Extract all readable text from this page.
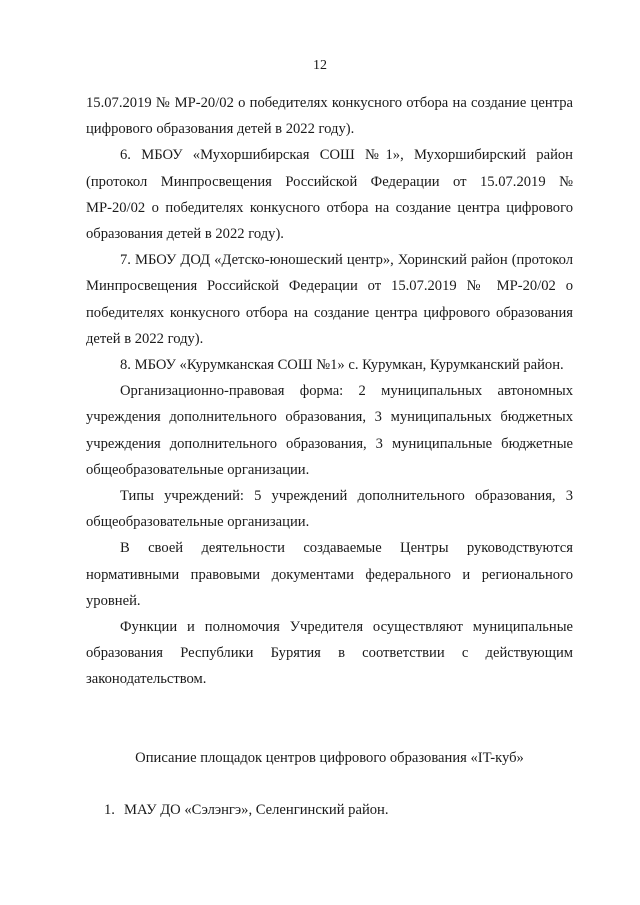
12

15.07.2019 № МР-20/02 о победителях конкусного отбора на создание центра цифрового образования детей в 2022 году).

6. МБОУ «Мухоршибирская СОШ №1», Мухоршибирский район (протокол Минпросвещения Российской Федерации от 15.07.2019 № МР-20/02 о победителях конкусного отбора на создание центра цифрового образования детей в 2022 году).

7. МБОУ ДОД «Детско-юношеский центр», Хоринский район (протокол Минпросвещения Российской Федерации от 15.07.2019 № МР-20/02 о победителях конкусного отбора на создание центра цифрового образования детей в 2022 году).

8. МБОУ «Курумканская СОШ №1» с. Курумкан, Курумканский район.

Организационно-правовая форма: 2 муниципальных автономных учреждения дополнительного образования, 3 муниципальных бюджетных учреждения дополнительного образования, 3 муниципальные бюджетные общеобразовательные организации.

Типы учреждений: 5 учреждений дополнительного образования, 3 общеобразовательные организации.

В своей деятельности создаваемые Центры руководствуются нормативными правовыми документами федерального и регионального уровней.

Функции и полномочия Учредителя осуществляют муниципальные образования Республики Бурятия в соответствии с действующим законодательством.

Описание площадок центров цифрового образования «IT-куб»

1. МАУ ДО «Сэлэнгэ», Селенгинский район.
